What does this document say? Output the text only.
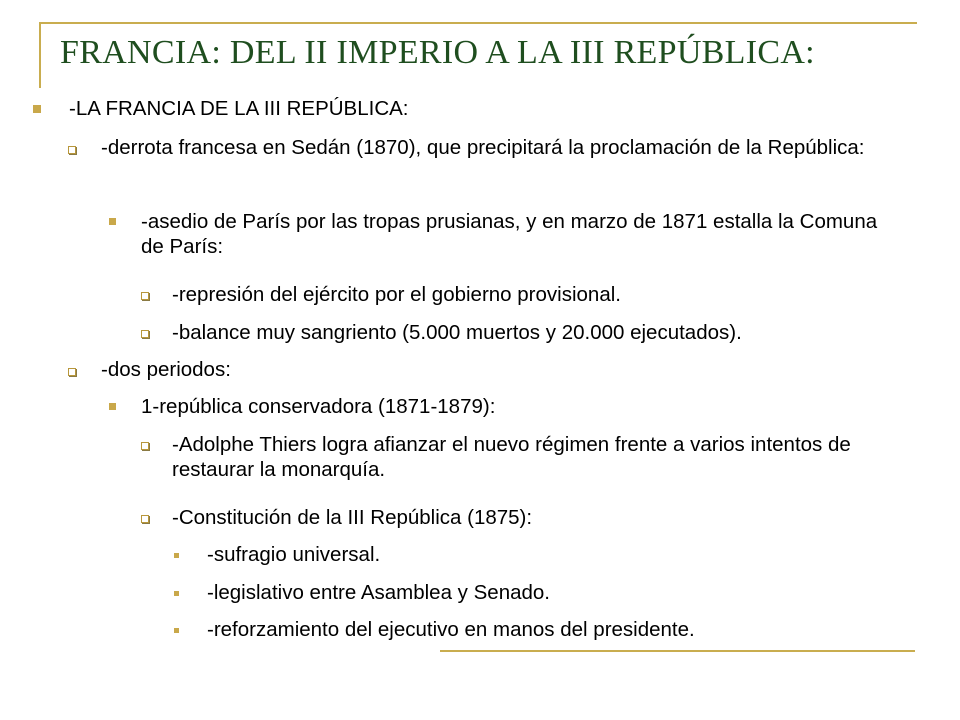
FRANCIA: DEL II IMPERIO A LA III REPÚBLICA:
-LA FRANCIA DE LA III REPÚBLICA:
-derrota francesa en Sedán (1870), que precipitará la proclamación de la República:
-asedio de París por las tropas prusianas, y en marzo de 1871 estalla la Comuna de París:
-represión del ejército por el gobierno provisional.
-balance muy sangriento (5.000 muertos y 20.000 ejecutados).
-dos periodos:
1-república conservadora (1871-1879):
-Adolphe Thiers logra afianzar el nuevo régimen frente a varios intentos de restaurar la monarquía.
-Constitución de la III República (1875):
-sufragio universal.
-legislativo entre Asamblea y Senado.
-reforzamiento del ejecutivo en manos del presidente.
